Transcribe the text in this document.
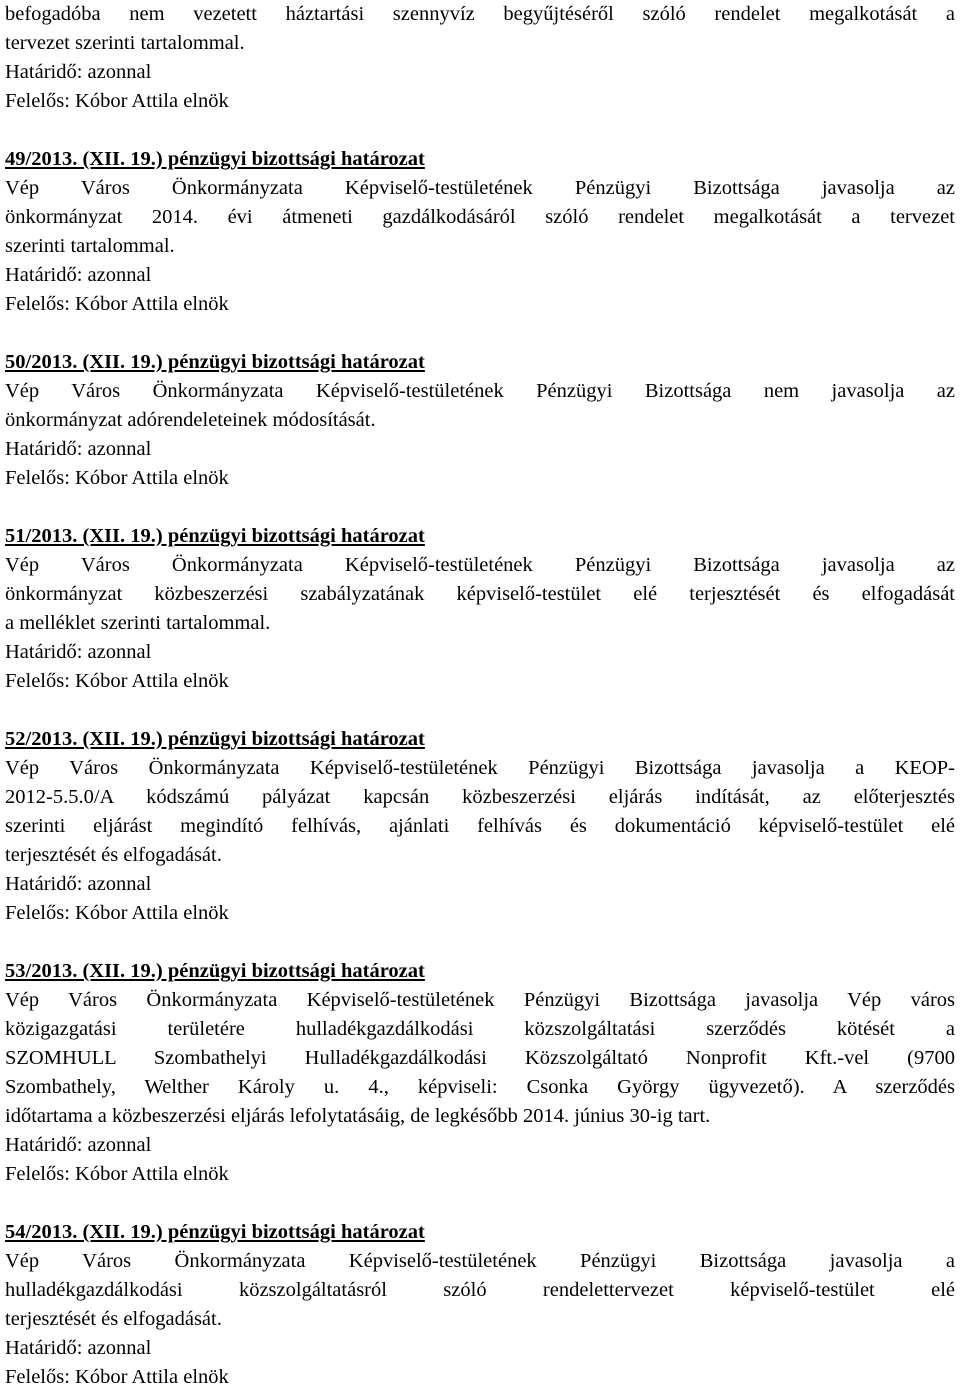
befogadóba nem vezetett háztartási szennyvíz begyűjtéséről szóló rendelet megalkotását a
tervezet szerinti tartalommal.
Határidő: azonnal
Felelős: Kóbor Attila elnök
49/2013. (XII. 19.) pénzügyi bizottsági határozat
Vép Város Önkormányzata Képviselő-testületének Pénzügyi Bizottsága javasolja az
önkormányzat 2014. évi átmeneti gazdálkodásáról szóló rendelet megalkotását a tervezet
szerinti tartalommal.
Határidő: azonnal
Felelős: Kóbor Attila elnök
50/2013. (XII. 19.) pénzügyi bizottsági határozat
Vép Város Önkormányzata Képviselő-testületének Pénzügyi Bizottsága nem javasolja az
önkormányzat adórendeleteinek módosítását.
Határidő: azonnal
Felelős: Kóbor Attila elnök
51/2013. (XII. 19.) pénzügyi bizottsági határozat
Vép Város Önkormányzata Képviselő-testületének Pénzügyi Bizottsága javasolja az
önkormányzat közbeszerzési szabályzatának képviselő-testület elé terjesztését és elfogadását
a melléklet szerinti tartalommal.
Határidő: azonnal
Felelős: Kóbor Attila elnök
52/2013. (XII. 19.) pénzügyi bizottsági határozat
Vép Város Önkormányzata Képviselő-testületének Pénzügyi Bizottsága javasolja a KEOP-
2012-5.5.0/A kódszámú pályázat kapcsán közbeszerzési eljárás indítását, az előterjesztés
szerinti eljárást megindító felhívás, ajánlati felhívás és dokumentáció képviselő-testület elé
terjesztését és elfogadását.
Határidő: azonnal
Felelős: Kóbor Attila elnök
53/2013. (XII. 19.) pénzügyi bizottsági határozat
Vép Város Önkormányzata Képviselő-testületének Pénzügyi Bizottsága javasolja Vép város
közigazgatási területére hulladékgazdálkodási közszolgáltatási szerződés kötését a
SZOMHULL Szombathelyi Hulladékgazdálkodási Közszolgáltató Nonprofit Kft.-vel (9700
Szombathely, Welther Károly u. 4., képviseli: Csonka György ügyvezető). A szerződés
időtartama a közbeszerzési eljárás lefolytatásáig, de legkésőbb 2014. június 30-ig tart.
Határidő: azonnal
Felelős: Kóbor Attila elnök
54/2013. (XII. 19.) pénzügyi bizottsági határozat
Vép Város Önkormányzata Képviselő-testületének Pénzügyi Bizottsága javasolja a
hulladékgazdálkodási közszolgáltatásról szóló rendelettervezet képviselő-testület elé
terjesztését és elfogadását.
Határidő: azonnal
Felelős: Kóbor Attila elnök
